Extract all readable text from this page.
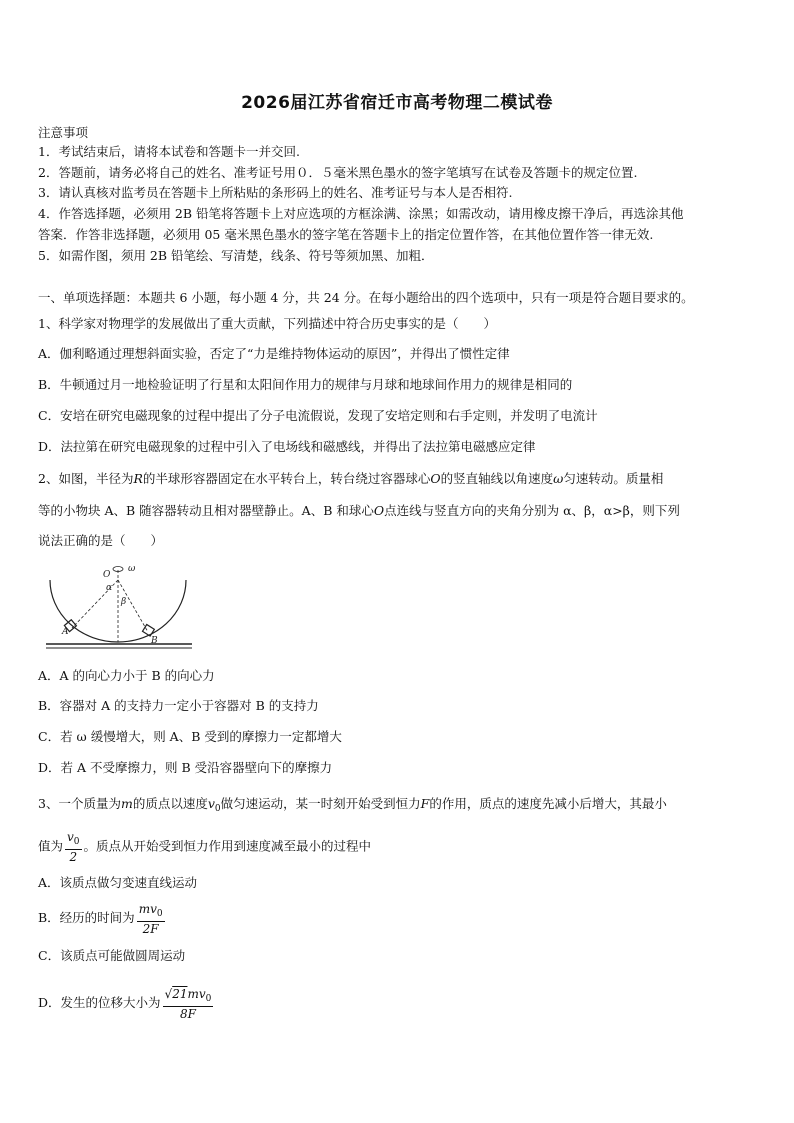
2026届江苏省宿迁市高考物理二模试卷
注意事项
1．考试结束后，请将本试卷和答题卡一并交回.
2．答题前，请务必将自己的姓名、准考证号用０．５毫米黑色墨水的签字笔填写在试卷及答题卡的规定位置.
3．请认真核对监考员在答题卡上所粘贴的条形码上的姓名、准考证号与本人是否相符.
4．作答选择题，必须用 2B 铅笔将答题卡上对应选项的方框涂满、涂黑；如需改动，请用橡皮擦干净后，再选涂其他
答案．作答非选择题，必须用 05 毫米黑色墨水的签字笔在答题卡上的指定位置作答，在其他位置作答一律无效.
5．如需作图，须用 2B 铅笔绘、写清楚，线条、符号等须加黑、加粗．
一、单项选择题：本题共 6 小题，每小题 4 分，共 24 分。在每小题给出的四个选项中，只有一项是符合题目要求的。
1、科学家对物理学的发展做出了重大贡献，下列描述中符合历史事实的是（　　）
A．伽利略通过理想斜面实验，否定了“力是维持物体运动的原因”，并得出了惯性定律
B．牛顿通过月一地检验证明了行星和太阳间作用力的规律与月球和地球间作用力的规律是相同的
C．安培在研究电磁现象的过程中提出了分子电流假说，发现了安培定则和右手定则，并发明了电流计
D．法拉第在研究电磁现象的过程中引入了电场线和磁感线，并得出了法拉第电磁感应定律
2、如图，半径为R的半球形容器固定在水平转台上，转台绕过容器球心O的竖直轴线以角速度ω匀速转动。质量相
等的小物块 A、B 随容器转动且相对器壁静止。A、B 和球心O点连线与竖直方向的夹角分别为 α、β，α>β，则下列
说法正确的是（　　）
O
ω
α
β
A
B
A．A 的向心力小于 B 的向心力
B．容器对 A 的支持力一定小于容器对 B 的支持力
C．若 ω 缓慢增大，则 A、B 受到的摩擦力一定都增大
D．若 A 不受摩擦力，则 B 受沿容器壁向下的摩擦力
3、一个质量为m的质点以速度$v_0$做匀速运动，某一时刻开始受到恒力F的作用，质点的速度先减小后增大，其最小
值为 $\frac{v_0}{2}$ 。质点从开始受到恒力作用到速度减至最小的过程中
A．该质点做匀变速直线运动
B．经历的时间为 $\frac{mv_0}{2F}$
C．该质点可能做圆周运动
D．发生的位移大小为 $\frac{√21mv_0}{8F}$
